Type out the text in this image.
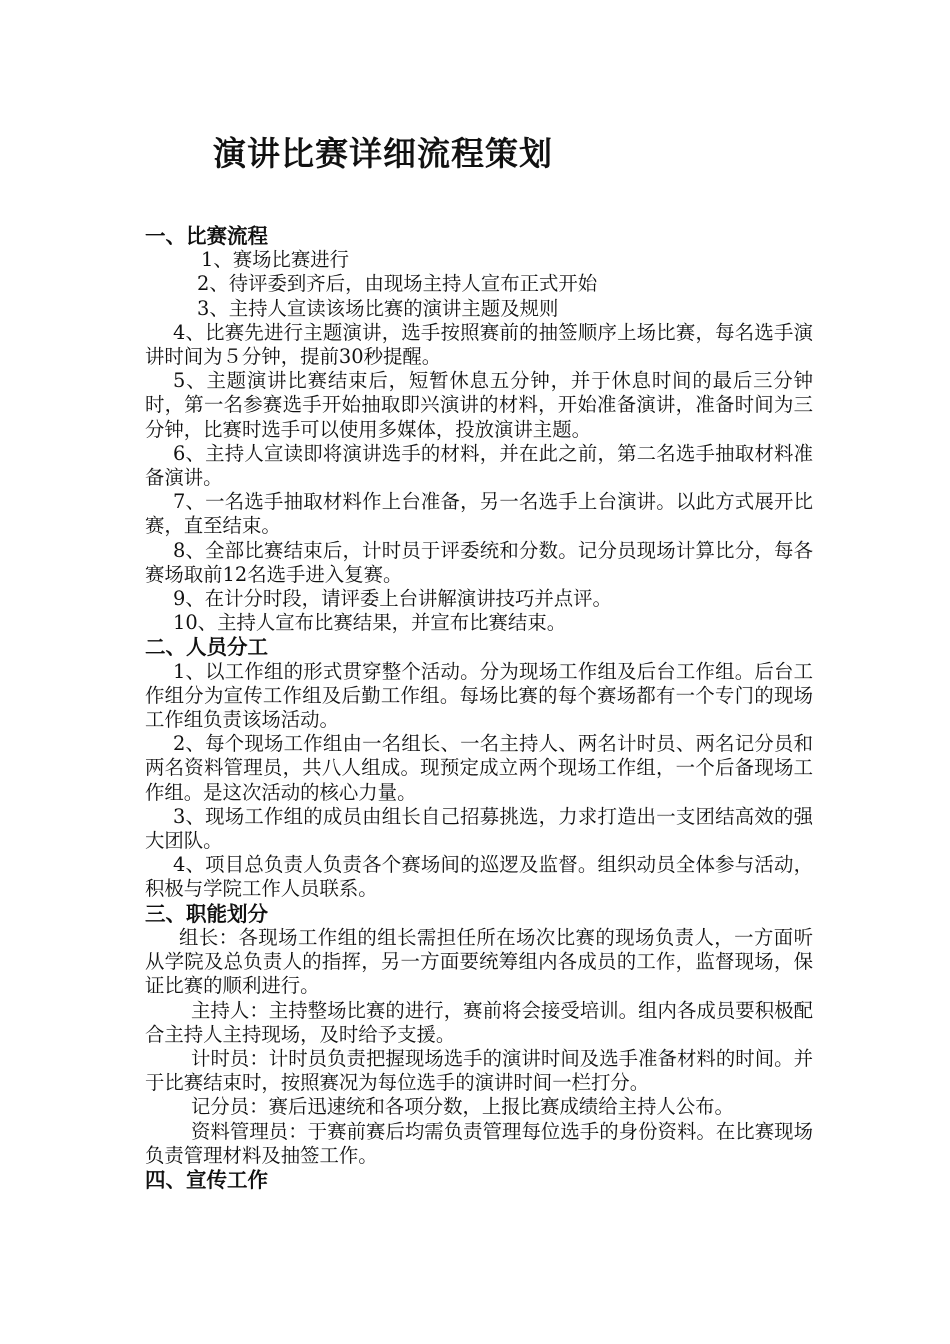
演讲比赛详细流程策划

一、比赛流程

1、赛场比赛进行

2、待评委到齐后，由现场主持人宣布正式开始

3、主持人宣读该场比赛的演讲主题及规则

4、比赛先进行主题演讲，选手按照赛前的抽签顺序上场比赛，每名选手演讲时间为５分钟，提前30秒提醒。

5、主题演讲比赛结束后，短暂休息五分钟，并于休息时间的最后三分钟时，第一名参赛选手开始抽取即兴演讲的材料，开始准备演讲，准备时间为三分钟，比赛时选手可以使用多媒体，投放演讲主题。

6、主持人宣读即将演讲选手的材料，并在此之前，第二名选手抽取材料准备演讲。

7、一名选手抽取材料作上台准备，另一名选手上台演讲。以此方式展开比赛，直至结束。

8、全部比赛结束后，计时员于评委统和分数。记分员现场计算比分，每各赛场取前12名选手进入复赛。

9、在计分时段，请评委上台讲解演讲技巧并点评。

10、主持人宣布比赛结果，并宣布比赛结束。

二、人员分工

1、以工作组的形式贯穿整个活动。分为现场工作组及后台工作组。后台工作组分为宣传工作组及后勤工作组。每场比赛的每个赛场都有一个专门的现场工作组负责该场活动。

2、每个现场工作组由一名组长、一名主持人、两名计时员、两名记分员和两名资料管理员，共八人组成。现预定成立两个现场工作组，一个后备现场工作组。是这次活动的核心力量。

3、现场工作组的成员由组长自己招募挑选，力求打造出一支团结高效的强大团队。

4、项目总负责人负责各个赛场间的巡逻及监督。组织动员全体参与活动，积极与学院工作人员联系。

三、职能划分

组长：各现场工作组的组长需担任所在场次比赛的现场负责人，一方面听从学院及总负责人的指挥，另一方面要统筹组内各成员的工作，监督现场，保证比赛的顺利进行。

主持人：主持整场比赛的进行，赛前将会接受培训。组内各成员要积极配合主持人主持现场，及时给予支援。

计时员：计时员负责把握现场选手的演讲时间及选手准备材料的时间。并于比赛结束时，按照赛况为每位选手的演讲时间一栏打分。

记分员：赛后迅速统和各项分数，上报比赛成绩给主持人公布。

资料管理员：于赛前赛后均需负责管理每位选手的身份资料。在比赛现场负责管理材料及抽签工作。

四、宣传工作
